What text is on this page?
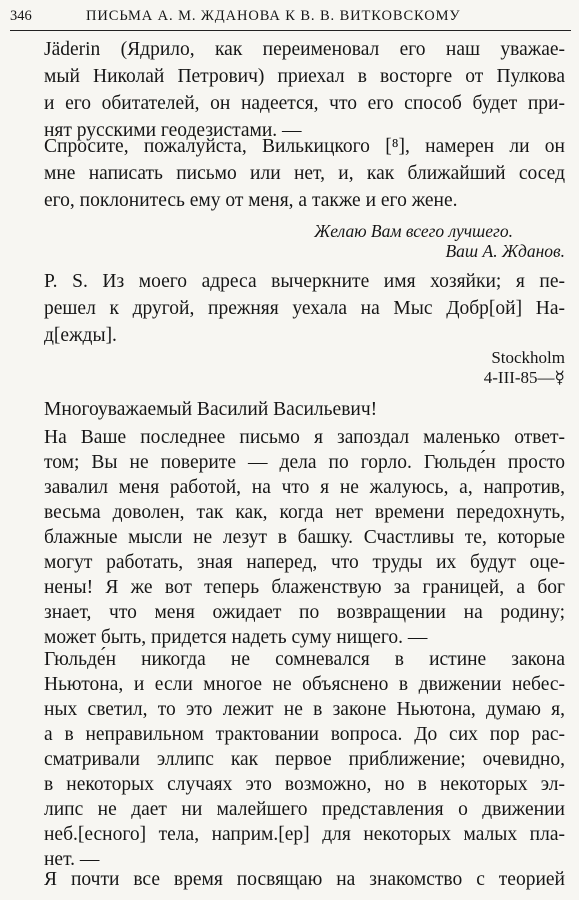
346	ПИСЬМА А. М. ЖДАНОВА К В. В. ВИТКОВСКОМУ
Jäderin (Ядрило, как переименовал его наш уважае-
мый Николай Петрович) приехал в восторге от Пулкова
и его обитателей, он надеется, что его способ будет при-
нят русскими геодезистами. —
Спросите, пожалуйста, Вилькицкого [⁸], намерен ли он
мне написать письмо или нет, и, как ближайший сосед
его, поклонитесь ему от меня, а также и его жене.
Желаю Вам всего лучшего.
Ваш А. Жданов.
P. S. Из моего адреса вычеркните имя хозяйки; я пе-
решел к другой, прежняя уехала на Мыс Добр[ой] На-
д[ежды].
Stockholm
4-III-85—☿
Многоуважаемый Василий Васильевич!
На Ваше последнее письмо я запоздал маленько ответ-
том; Вы не поверите — дела по горло. Гюльде́н просто
завалил меня работой, на что я не жалуюсь, а, напротив,
весьма доволен, так как, когда нет времени передохнуть,
блажные мысли не лезут в башку. Счастливы те, которые
могут работать, зная наперед, что труды их будут оце-
нены! Я же вот теперь блаженствую за границей, а бог
знает, что меня ожидает по возвращении на родину;
может быть, придется надеть суму нищего. —
Гюльде́н никогда не сомневался в истине закона
Ньютона, и если многое не объяснено в движении небес-
ных светил, то это лежит не в законе Ньютона, думаю я,
а в неправильном трактовании вопроса. До сих пор рас-
сматривали эллипс как первое приближение; очевидно,
в некоторых случаях это возможно, но в некоторых эл-
липс не дает ни малейшего представления о движении
неб.[есного] тела, наприм.[ер] для некоторых малых пла-
нет. —
Я почти все время посвящаю на знакомство с теорией
